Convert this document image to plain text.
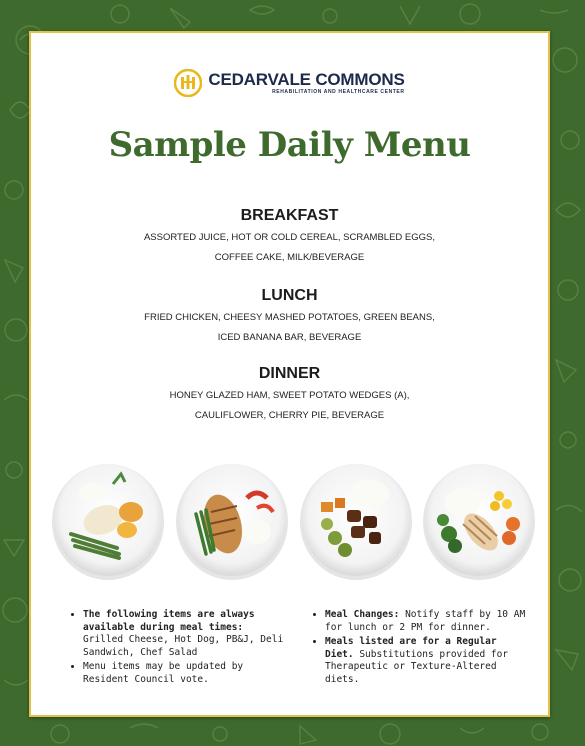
CEDARVALE COMMONS
REHABILITATION AND HEALTHCARE CENTER
Sample Daily Menu
BREAKFAST

ASSORTED JUICE, HOT OR COLD CEREAL, SCRAMBLED EGGS, COFFEE CAKE, MILK/BEVERAGE

LUNCH

FRIED CHICKEN, CHEESY MASHED POTATOES, GREEN BEANS, ICED BANANA BAR, BEVERAGE

DINNER

HONEY GLAZED HAM, SWEET POTATO WEDGES (A), CAULIFLOWER, CHERRY PIE, BEVERAGE

• The following items are always available during meal times: Grilled Cheese, Hot Dog, PB&J, Deli Sandwich, Chef Salad
• Menu items may be updated by Resident Council vote.
• Meal Changes: Notify staff by 10 AM for lunch or 2 PM for dinner.
• Meals listed are for a Regular Diet. Substitutions provided for Therapeutic or Texture-Altered diets.
